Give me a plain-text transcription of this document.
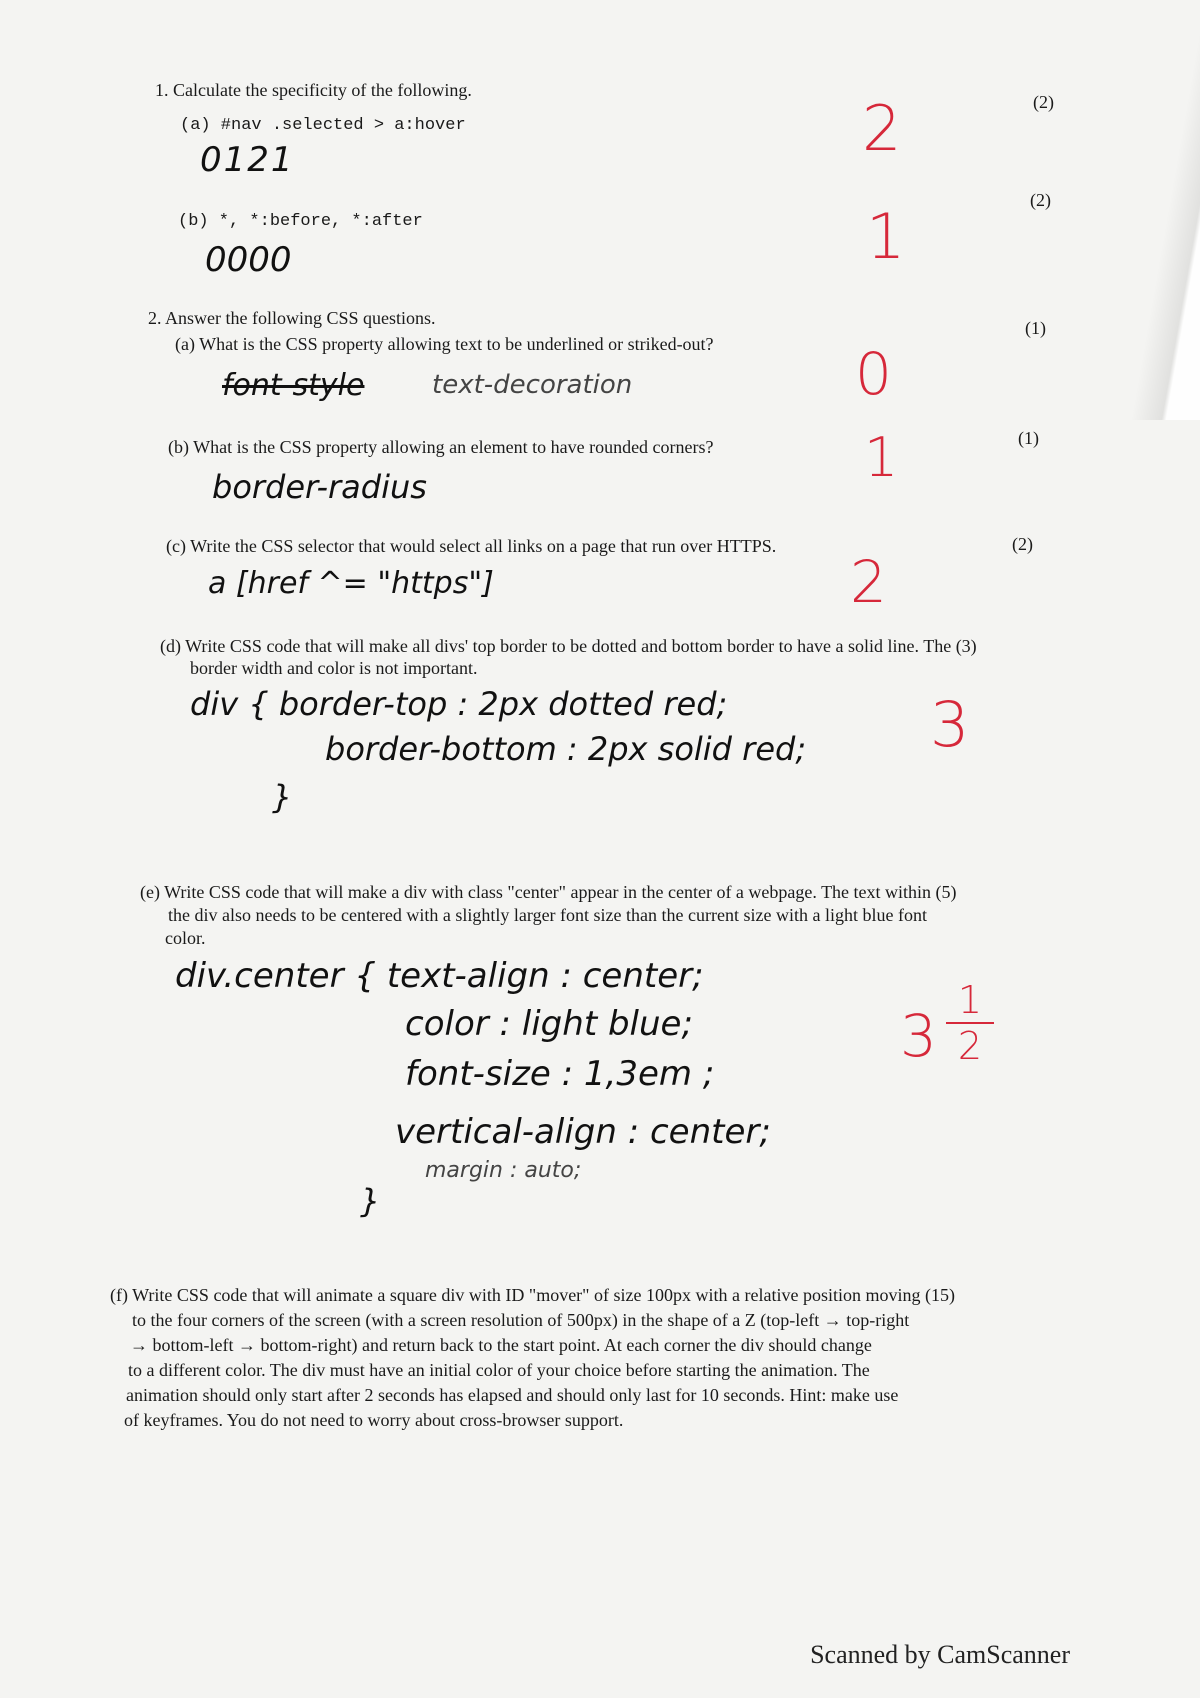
1. Calculate the specificity of the following.
(2)
(a) #nav .selected > a:hover
0121	2
(2)
(b) *, *:before, *:after
0000	1
2. Answer the following CSS questions.	(1)
(a) What is the CSS property allowing text to be underlined or striked-out?
font-style	text-decoration	0
(1)
(b) What is the CSS property allowing an element to have rounded corners?
border-radius	1
(2)
(c) Write the CSS selector that would select all links on a page that run over HTTPS.
a [href ^= "https"]	2
(d) Write CSS code that will make all divs' top border to be dotted and bottom border to have a solid line. The (3)
border width and color is not important.
div { border-top : 2px dotted red;
border-bottom : 2px solid red;
}
3
(e) Write CSS code that will make a div with class "center" appear in the center of a webpage. The text within (5)
the div also needs to be centered with a slightly larger font size than the current size with a light blue font
color.
div.center { text-align : center;
color : light blue;
font-size : 1,3em ;
vertical-align : center;
margin : auto;
}
3
1
2
(f) Write CSS code that will animate a square div with ID "mover" of size 100px with a relative position moving (15)
to the four corners of the screen (with a screen resolution of 500px) in the shape of a Z (top-left → top-right
→ bottom-left → bottom-right) and return back to the start point. At each corner the div should change
to a different color. The div must have an initial color of your choice before starting the animation. The
animation should only start after 2 seconds has elapsed and should only last for 10 seconds. Hint: make use
of keyframes. You do not need to worry about cross-browser support.
Scanned by CamScanner
